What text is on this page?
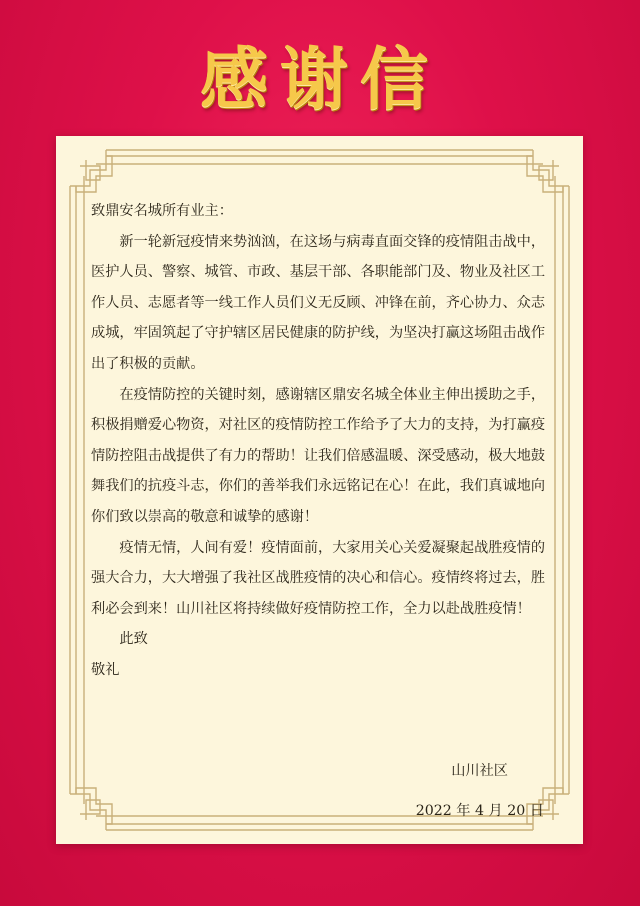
感谢信

致鼎安名城所有业主：

新一轮新冠疫情来势汹汹，在这场与病毒直面交锋的疫情阻击战中，医护人员、警察、城管、市政、基层干部、各职能部门及、物业及社区工作人员、志愿者等一线工作人员们义无反顾、冲锋在前，齐心协力、众志成城，牢固筑起了守护辖区居民健康的防护线，为坚决打赢这场阻击战作出了积极的贡献。

在疫情防控的关键时刻，感谢辖区鼎安名城全体业主伸出援助之手，积极捐赠爱心物资，对社区的疫情防控工作给予了大力的支持，为打赢疫情防控阻击战提供了有力的帮助！让我们倍感温暖、深受感动，极大地鼓舞我们的抗疫斗志，你们的善举我们永远铭记在心！在此，我们真诚地向你们致以崇高的敬意和诚挚的感谢！

疫情无情，人间有爱！疫情面前，大家用关心关爱凝聚起战胜疫情的强大合力，大大增强了我社区战胜疫情的决心和信心。疫情终将过去，胜利必会到来！山川社区将持续做好疫情防控工作，全力以赴战胜疫情！

此致

敬礼

山川社区
2022 年 4 月 20 日
